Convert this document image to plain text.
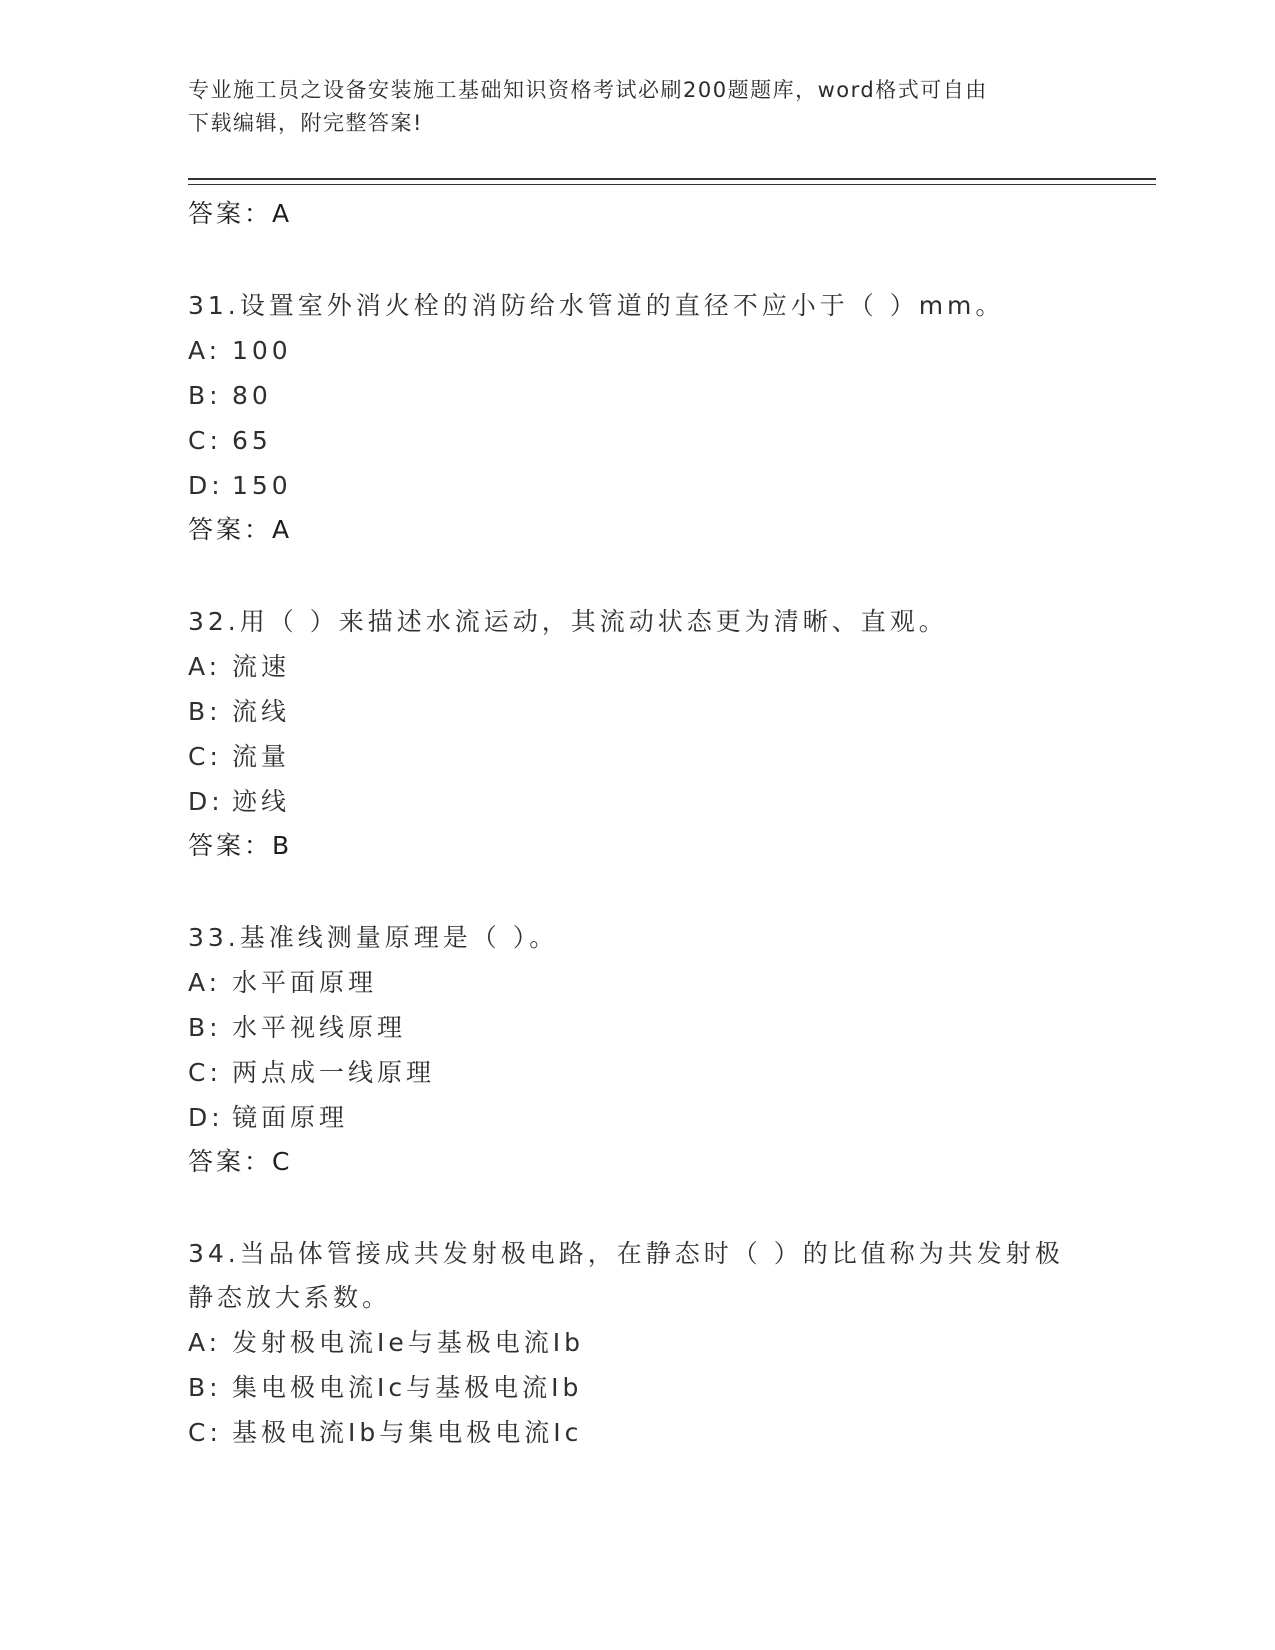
专业施工员之设备安装施工基础知识资格考试必刷200题题库，word格式可自由
下载编辑，附完整答案!
答案：A
31.设置室外消火栓的消防给水管道的直径不应小于（ ）mm。
A: 100
B: 80
C: 65
D: 150
答案：A
32.用（ ）来描述水流运动，其流动状态更为清晰、直观。
A: 流速
B: 流线
C: 流量
D: 迹线
答案：B
33.基准线测量原理是（ ）。
A: 水平面原理
B: 水平视线原理
C: 两点成一线原理
D: 镜面原理
答案：C
34.当品体管接成共发射极电路，在静态时（ ）的比值称为共发射极
静态放大系数。
A: 发射极电流Ie与基极电流Ib
B: 集电极电流Ic与基极电流Ib
C: 基极电流Ib与集电极电流Ic
